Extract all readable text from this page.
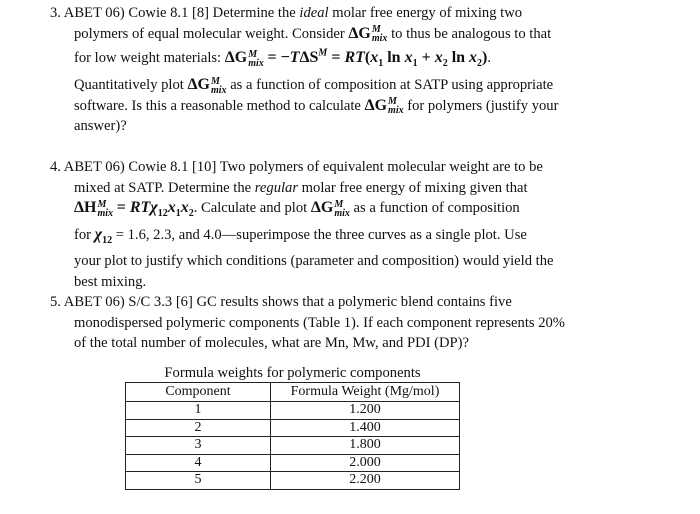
3. ABET 06) Cowie 8.1 [8] Determine the ideal molar free energy of mixing two
polymers of equal molecular weight. Consider ΔG M
mix to thus be analogous to that
for low weight materials: ΔG M
mix = $-T\Delta S^M = RT(x_1$ $\ln x_1 + x_2$ $\ln x_2$).
Quantitatively plot ΔG M
mix as a function of composition at SATP using appropriate
software. Is this a reasonable method to calculate ΔG M
mix for polymers (justify your
answer)?
4. ABET 06) Cowie 8.1 [10] Two polymers of equivalent molecular weight are to be
mixed at SATP. Determine the regular molar free energy of mixing given that
ΔH M
mix = $RT\chi_{12}x_1x_2$. Calculate and plot ΔG M
mix as a function of composition
for $\chi_{12} = 1.6$, 2.3, and 4.0—superimpose the three curves as a single plot. Use
your plot to justify which conditions (parameter and composition) would yield the
best mixing.
5. ABET 06) S/C 3.3 [6] GC results shows that a polymeric blend contains five
monodispersed polymeric components (Table 1). If each component represents 20%
of the total number of molecules, what are Mn, Mw, and PDI (DP)?
Formula weights for polymeric components
Component	Formula Weight (Mg/mol)
1	1.200
2	1.400
3	1.800
4	2.000
5	2.200
